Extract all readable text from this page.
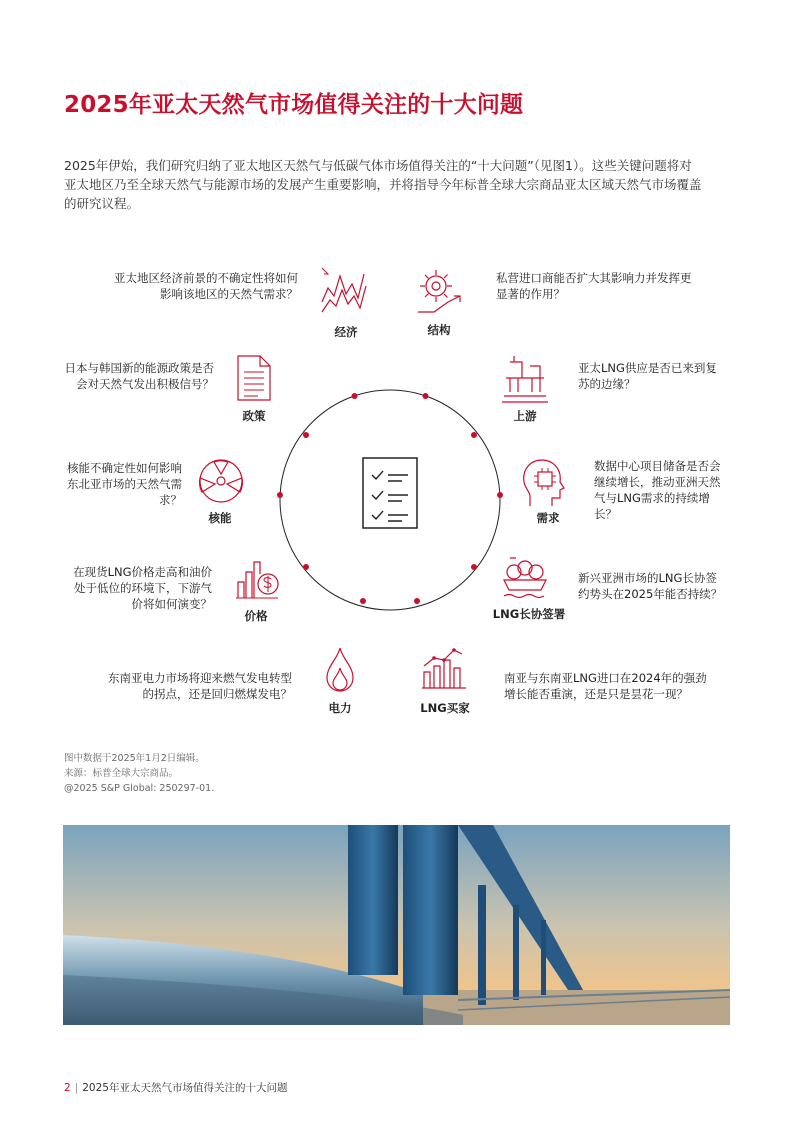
2025年亚太天然气市场值得关注的十大问题
2025年伊始，我们研究归纳了亚太地区天然气与低碳气体市场值得关注的“十大问题”（见图1）。这些关键问题将对亚太地区乃至全球天然气与能源市场的发展产生重要影响，并将指导今年标普全球大宗商品亚太区域天然气市场覆盖的研究议程。
亚太地区经济前景的不确定性将如何影响该地区的天然气需求？
经济	结构
私营进口商能否扩大其影响力并发挥更显著的作用？
日本与韩国新的能源政策是否会对天然气发出积极信号？
政策	上游
亚太LNG供应是否已来到复苏的边缘？
核能不确定性如何影响东北亚市场的天然气需求？
核能	需求
数据中心项目储备是否会继续增长，推动亚洲天然气与LNG需求的持续增长？
在现货LNG价格走高和油价处于低位的环境下，下游气价将如何演变？
价格	LNG长协签署
新兴亚洲市场的LNG长协签约势头在2025年能否持续？
东南亚电力市场将迎来燃气发电转型的拐点，还是回归燃煤发电？
电力	LNG买家
南亚与东南亚LNG进口在2024年的强劲增长能否重演，还是只是昙花一现？
图中数据于2025年1月2日编辑。
来源：标普全球大宗商品。
@2025 S&P Global: 250297-01.
2 | 2025年亚太天然气市场值得关注的十大问题
